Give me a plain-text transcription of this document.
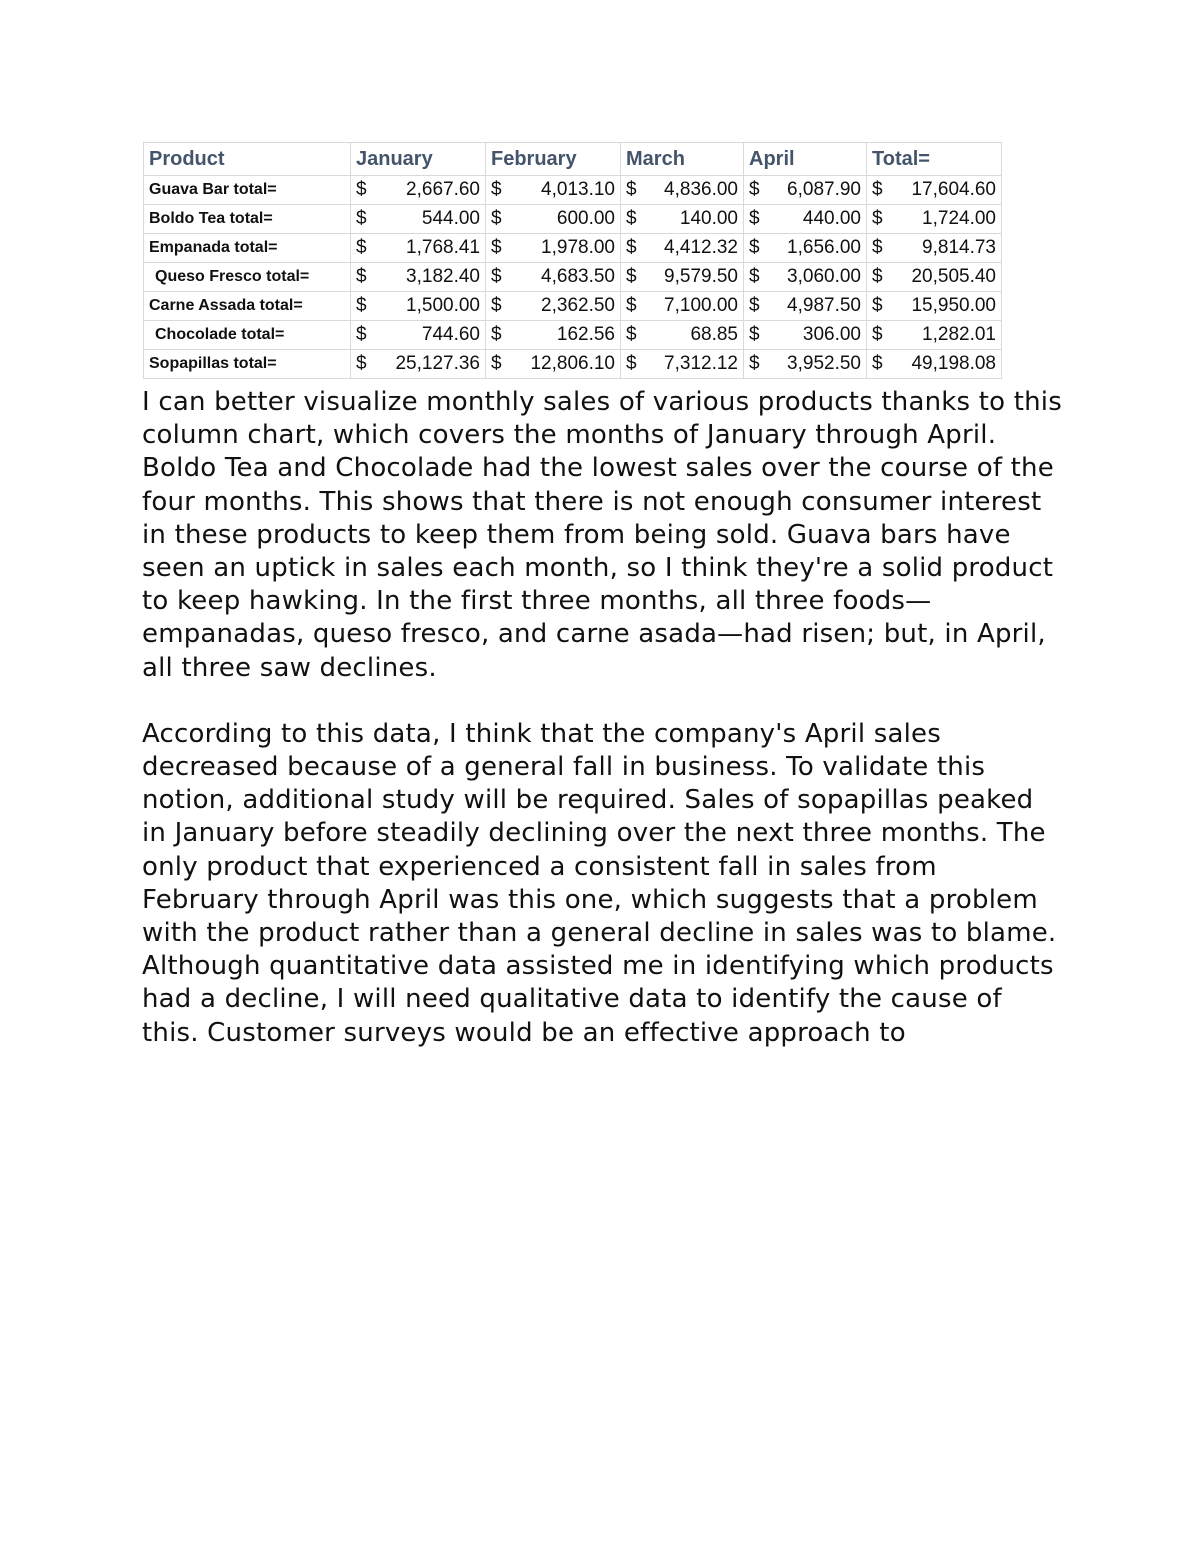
Product	January	February	March	April	Total=
Guava Bar total=	$ 2,667.60	$ 4,013.10	$ 4,836.00	$ 6,087.90	$ 17,604.60

Boldo Tea total=	$ 544.00	$ 600.00	$ 140.00	$ 440.00	$ 1,724.00

Empanada total=	$ 1,768.41	$ 1,978.00	$ 4,412.32	$ 1,656.00	$ 9,814.73

Queso Fresco total=	$ 3,182.40	$ 4,683.50	$ 9,579.50	$ 3,060.00	$ 20,505.40

Carne Assada total=	$ 1,500.00	$ 2,362.50	$ 7,100.00	$ 4,987.50	$ 15,950.00

Chocolade total=	$ 744.60	$ 162.56	$ 68.85	$ 306.00	$ 1,282.01

Sopapillas total=	$ 25,127.36	$ 12,806.10	$ 7,312.12	$ 3,952.50	$ 49,198.08

I can better visualize monthly sales of various products thanks to this column chart, which covers the months of January through April. Boldo Tea and Chocolade had the lowest sales over the course of the four months. This shows that there is not enough consumer interest in these products to keep them from being sold. Guava bars have seen an uptick in sales each month, so I think they're a solid product to keep hawking. In the first three months, all three foods—empanadas, queso fresco, and carne asada—had risen; but, in April, all three saw declines.

According to this data, I think that the company's April sales decreased because of a general fall in business. To validate this notion, additional study will be required. Sales of sopapillas peaked in January before steadily declining over the next three months. The only product that experienced a consistent fall in sales from February through April was this one, which suggests that a problem with the product rather than a general decline in sales was to blame. Although quantitative data assisted me in identifying which products had a decline, I will need qualitative data to identify the cause of this. Customer surveys would be an effective approach to
